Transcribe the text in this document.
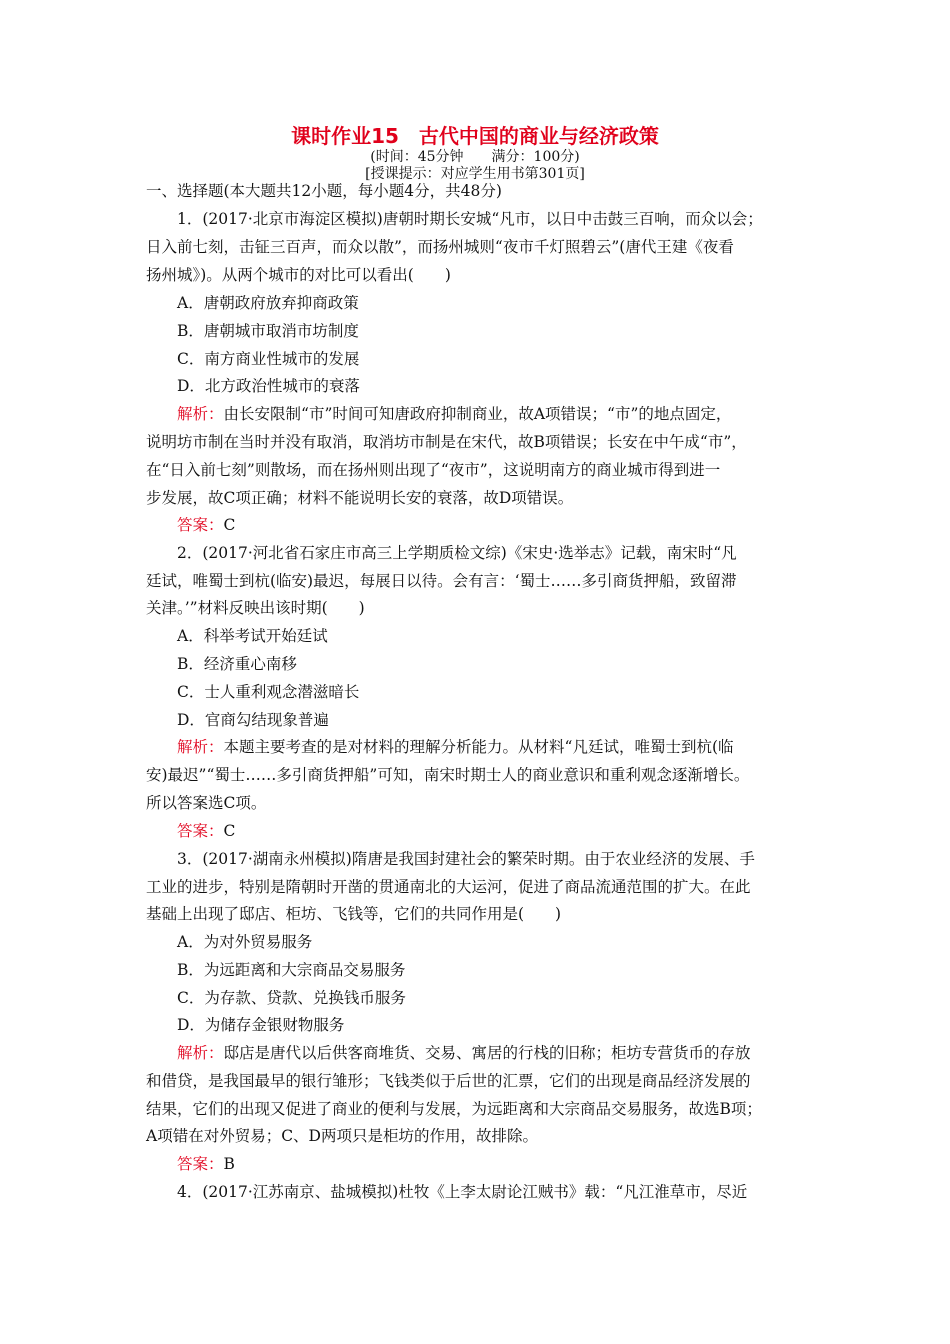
课时作业15　古代中国的商业与经济政策
(时间：45分钟　　满分：100分)
[授课提示：对应学生用书第301页]
一、选择题(本大题共12小题，每小题4分，共48分)
1．(2017·北京市海淀区模拟)唐朝时期长安城“凡市，以日中击鼓三百响，而众以会；
日入前七刻，击钲三百声，而众以散”，而扬州城则“夜市千灯照碧云”(唐代王建《夜看
扬州城》)。从两个城市的对比可以看出(　　)
A．唐朝政府放弃抑商政策
B．唐朝城市取消市坊制度
C．南方商业性城市的发展
D．北方政治性城市的衰落
解析：由长安限制“市”时间可知唐政府抑制商业，故A项错误；“市”的地点固定，
说明坊市制在当时并没有取消，取消坊市制是在宋代，故B项错误；长安在中午成“市”，
在“日入前七刻”则散场，而在扬州则出现了“夜市”，这说明南方的商业城市得到进一
步发展，故C项正确；材料不能说明长安的衰落，故D项错误。
答案：C
2．(2017·河北省石家庄市高三上学期质检文综)《宋史·选举志》记载，南宋时“凡
廷试，唯蜀士到杭(临安)最迟，每展日以待。会有言：‘蜀士……多引商货押船，致留滞
关津。’”材料反映出该时期(　　)
A．科举考试开始廷试
B．经济重心南移
C．士人重利观念潜滋暗长
D．官商勾结现象普遍
解析：本题主要考查的是对材料的理解分析能力。从材料“凡廷试，唯蜀士到杭(临
安)最迟”“蜀士……多引商货押船”可知，南宋时期士人的商业意识和重利观念逐渐增长。
所以答案选C项。
答案：C
3．(2017·湖南永州模拟)隋唐是我国封建社会的繁荣时期。由于农业经济的发展、手
工业的进步，特别是隋朝时开凿的贯通南北的大运河，促进了商品流通范围的扩大。在此
基础上出现了邸店、柜坊、飞钱等，它们的共同作用是(　　)
A．为对外贸易服务
B．为远距离和大宗商品交易服务
C．为存款、贷款、兑换钱币服务
D．为储存金银财物服务
解析：邸店是唐代以后供客商堆货、交易、寓居的行栈的旧称；柜坊专营货币的存放
和借贷，是我国最早的银行雏形；飞钱类似于后世的汇票，它们的出现是商品经济发展的
结果，它们的出现又促进了商业的便利与发展，为远距离和大宗商品交易服务，故选B项；
A项错在对外贸易；C、D两项只是柜坊的作用，故排除。
答案：B
4．(2017·江苏南京、盐城模拟)杜牧《上李太尉论江贼书》载：“凡江淮草市，尽近
